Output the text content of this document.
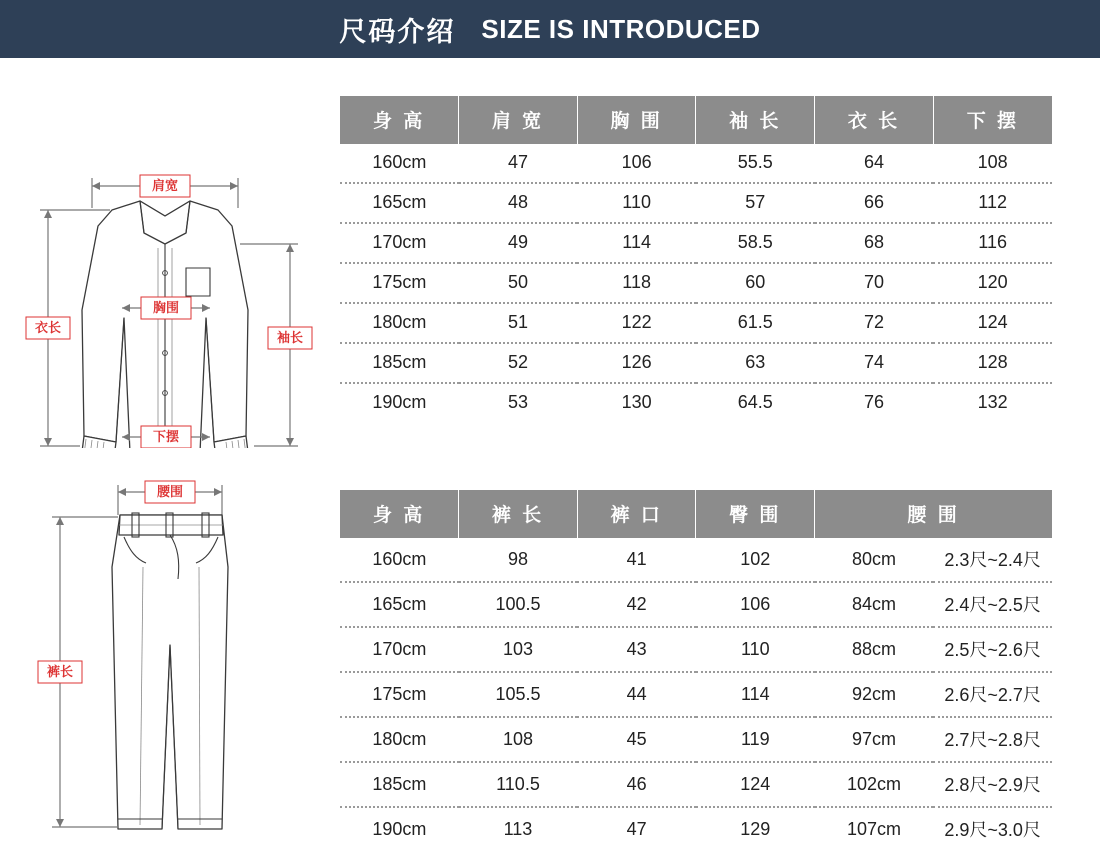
尺码介绍 SIZE IS INTRODUCED
肩宽
胸围
下摆
衣长
袖长
身 高	肩 宽	胸 围	袖 长	衣 长	下 摆
160cm	47	106	55.5	64	108
165cm	48	110	57	66	112
170cm	49	114	58.5	68	116
175cm	50	118	60	70	120
180cm	51	122	61.5	72	124
185cm	52	126	63	74	128
190cm	53	130	64.5	76	132
腰围
裤长
身 高	裤 长	裤 口	臀 围	腰 围	
160cm	98	41	102	80cm	2.3尺~2.4尺
165cm	100.5	42	106	84cm	2.4尺~2.5尺
170cm	103	43	110	88cm	2.5尺~2.6尺
175cm	105.5	44	114	92cm	2.6尺~2.7尺
180cm	108	45	119	97cm	2.7尺~2.8尺
185cm	110.5	46	124	102cm	2.8尺~2.9尺
190cm	113	47	129	107cm	2.9尺~3.0尺
